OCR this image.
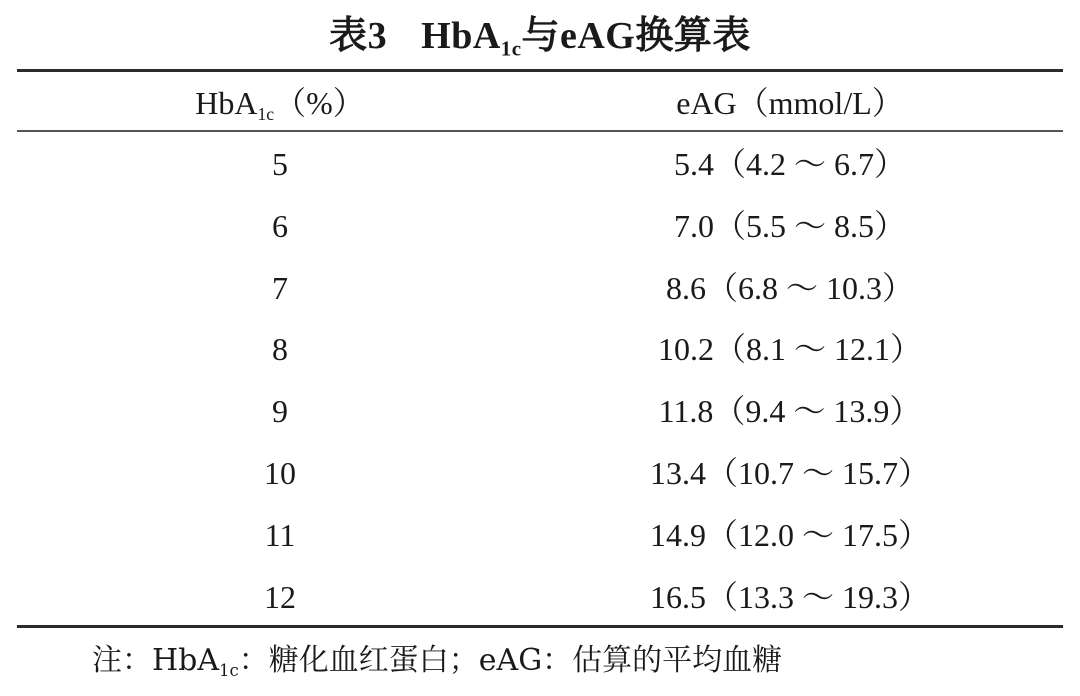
表3 HbA$_{1c}$与eAG换算表
HbA$_{1c}$（%）	eAG（mmol/L）
5	5.4（4.2 ～ 6.7）
6	7.0（5.5 ～ 8.5）
7	8.6（6.8 ～ 10.3）
8	10.2（8.1 ～ 12.1）
9	11.8（9.4 ～ 13.9）
10	13.4（10.7 ～ 15.7）
11	14.9（12.0 ～ 17.5）
12	16.5（13.3 ～ 19.3）
注：HbA$_{1c}$：糖化血红蛋白；eAG：估算的平均血糖
